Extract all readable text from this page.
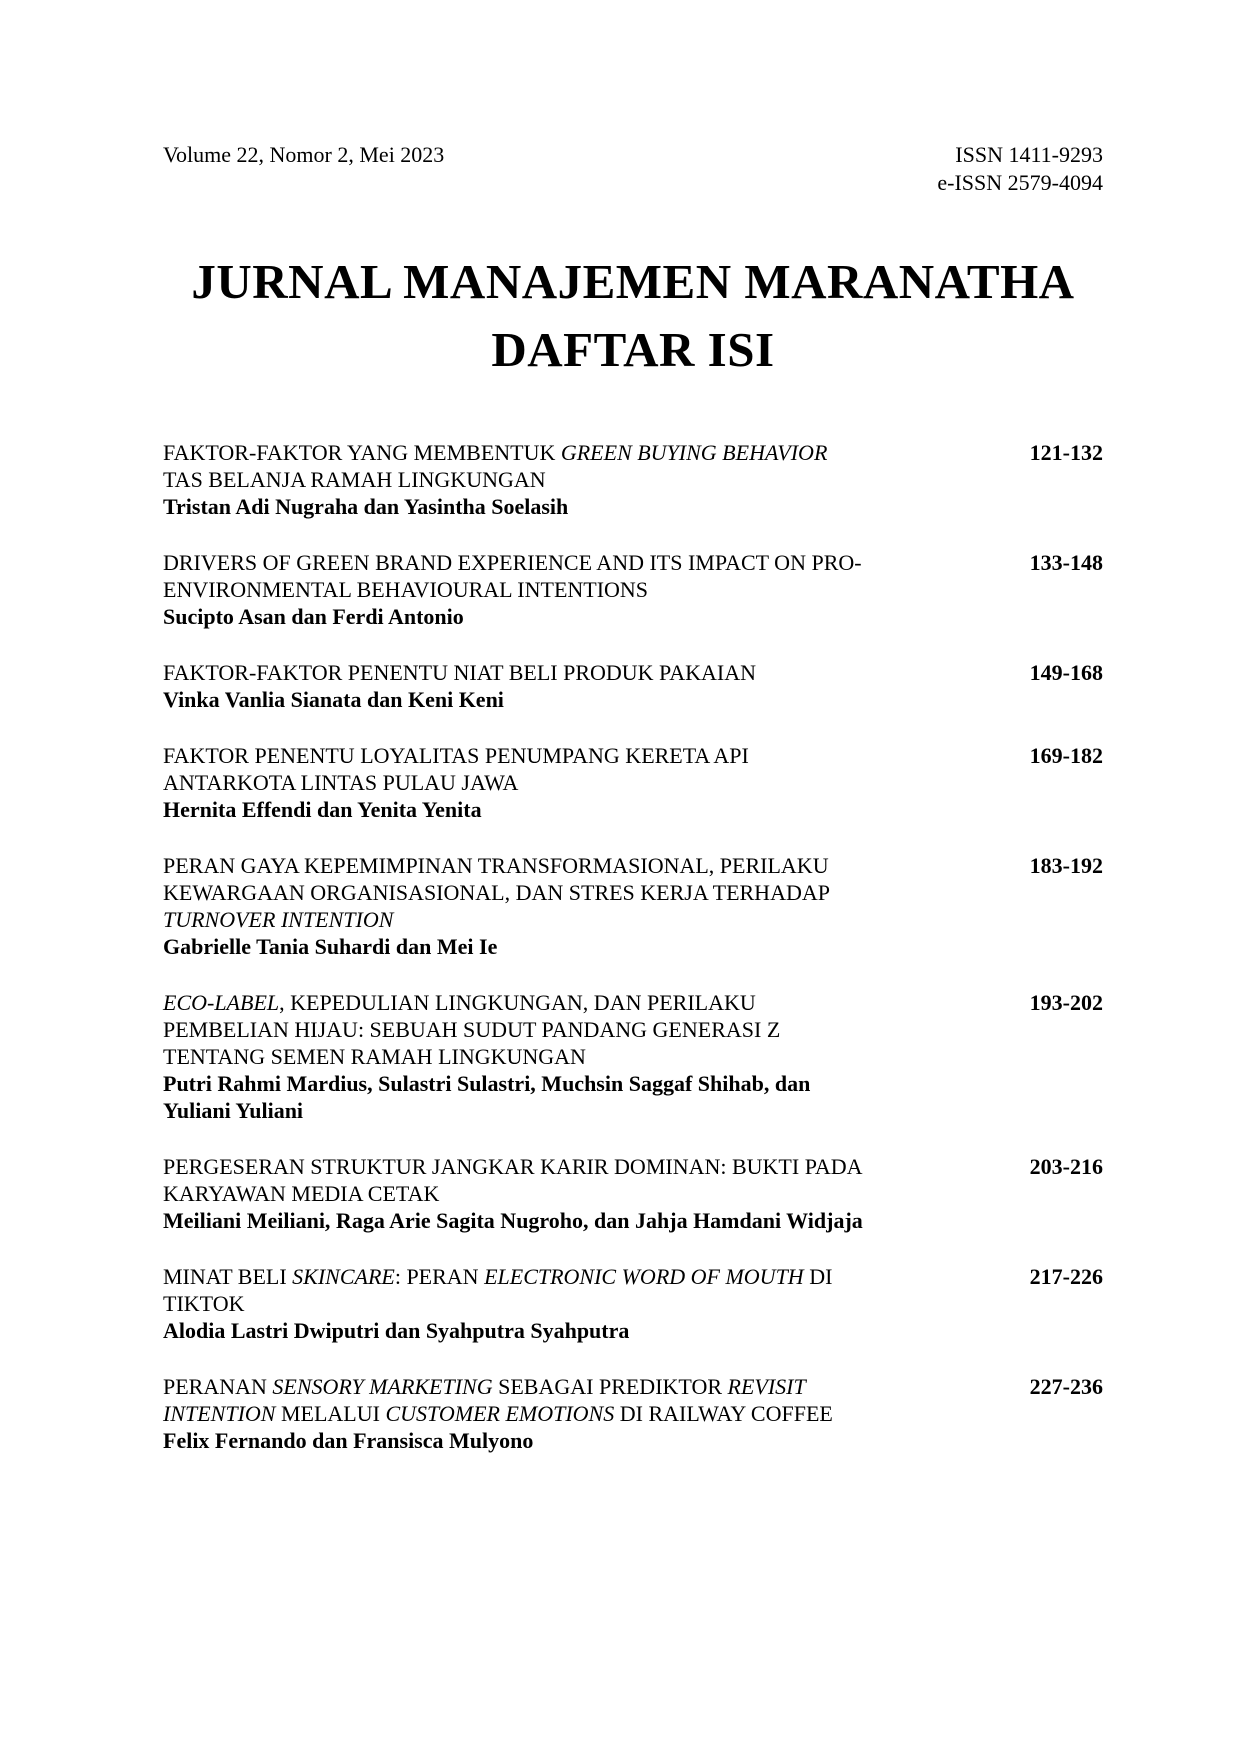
Volume 22, Nomor 2, Mei 2023	ISSN 1411-9293
e-ISSN 2579-4094
JURNAL MANAJEMEN MARANATHA
DAFTAR ISI
FAKTOR-FAKTOR YANG MEMBENTUK GREEN BUYING BEHAVIOR
TAS BELANJA RAMAH LINGKUNGAN
Tristan Adi Nugraha dan Yasintha Soelasih
121-132
DRIVERS OF GREEN BRAND EXPERIENCE AND ITS IMPACT ON PRO-
ENVIRONMENTAL BEHAVIOURAL INTENTIONS
Sucipto Asan dan Ferdi Antonio
133-148
FAKTOR-FAKTOR PENENTU NIAT BELI PRODUK PAKAIAN
Vinka Vanlia Sianata dan Keni Keni
149-168
FAKTOR PENENTU LOYALITAS PENUMPANG KERETA API
ANTARKOTA LINTAS PULAU JAWA
Hernita Effendi dan Yenita Yenita
169-182
PERAN GAYA KEPEMIMPINAN TRANSFORMASIONAL, PERILAKU
KEWARGAAN ORGANISASIONAL, DAN STRES KERJA TERHADAP
TURNOVER INTENTION
Gabrielle Tania Suhardi dan Mei Ie
183-192
ECO-LABEL, KEPEDULIAN LINGKUNGAN, DAN PERILAKU
PEMBELIAN HIJAU: SEBUAH SUDUT PANDANG GENERASI Z
TENTANG SEMEN RAMAH LINGKUNGAN
Putri Rahmi Mardius, Sulastri Sulastri, Muchsin Saggaf Shihab, dan
Yuliani Yuliani
193-202
PERGESERAN STRUKTUR JANGKAR KARIR DOMINAN: BUKTI PADA
KARYAWAN MEDIA CETAK
Meiliani Meiliani, Raga Arie Sagita Nugroho, dan Jahja Hamdani Widjaja
203-216
MINAT BELI SKINCARE: PERAN ELECTRONIC WORD OF MOUTH DI
TIKTOK
Alodia Lastri Dwiputri dan Syahputra Syahputra
217-226
PERANAN SENSORY MARKETING SEBAGAI PREDIKTOR REVISIT
INTENTION MELALUI CUSTOMER EMOTIONS DI RAILWAY COFFEE
Felix Fernando dan Fransisca Mulyono
227-236
